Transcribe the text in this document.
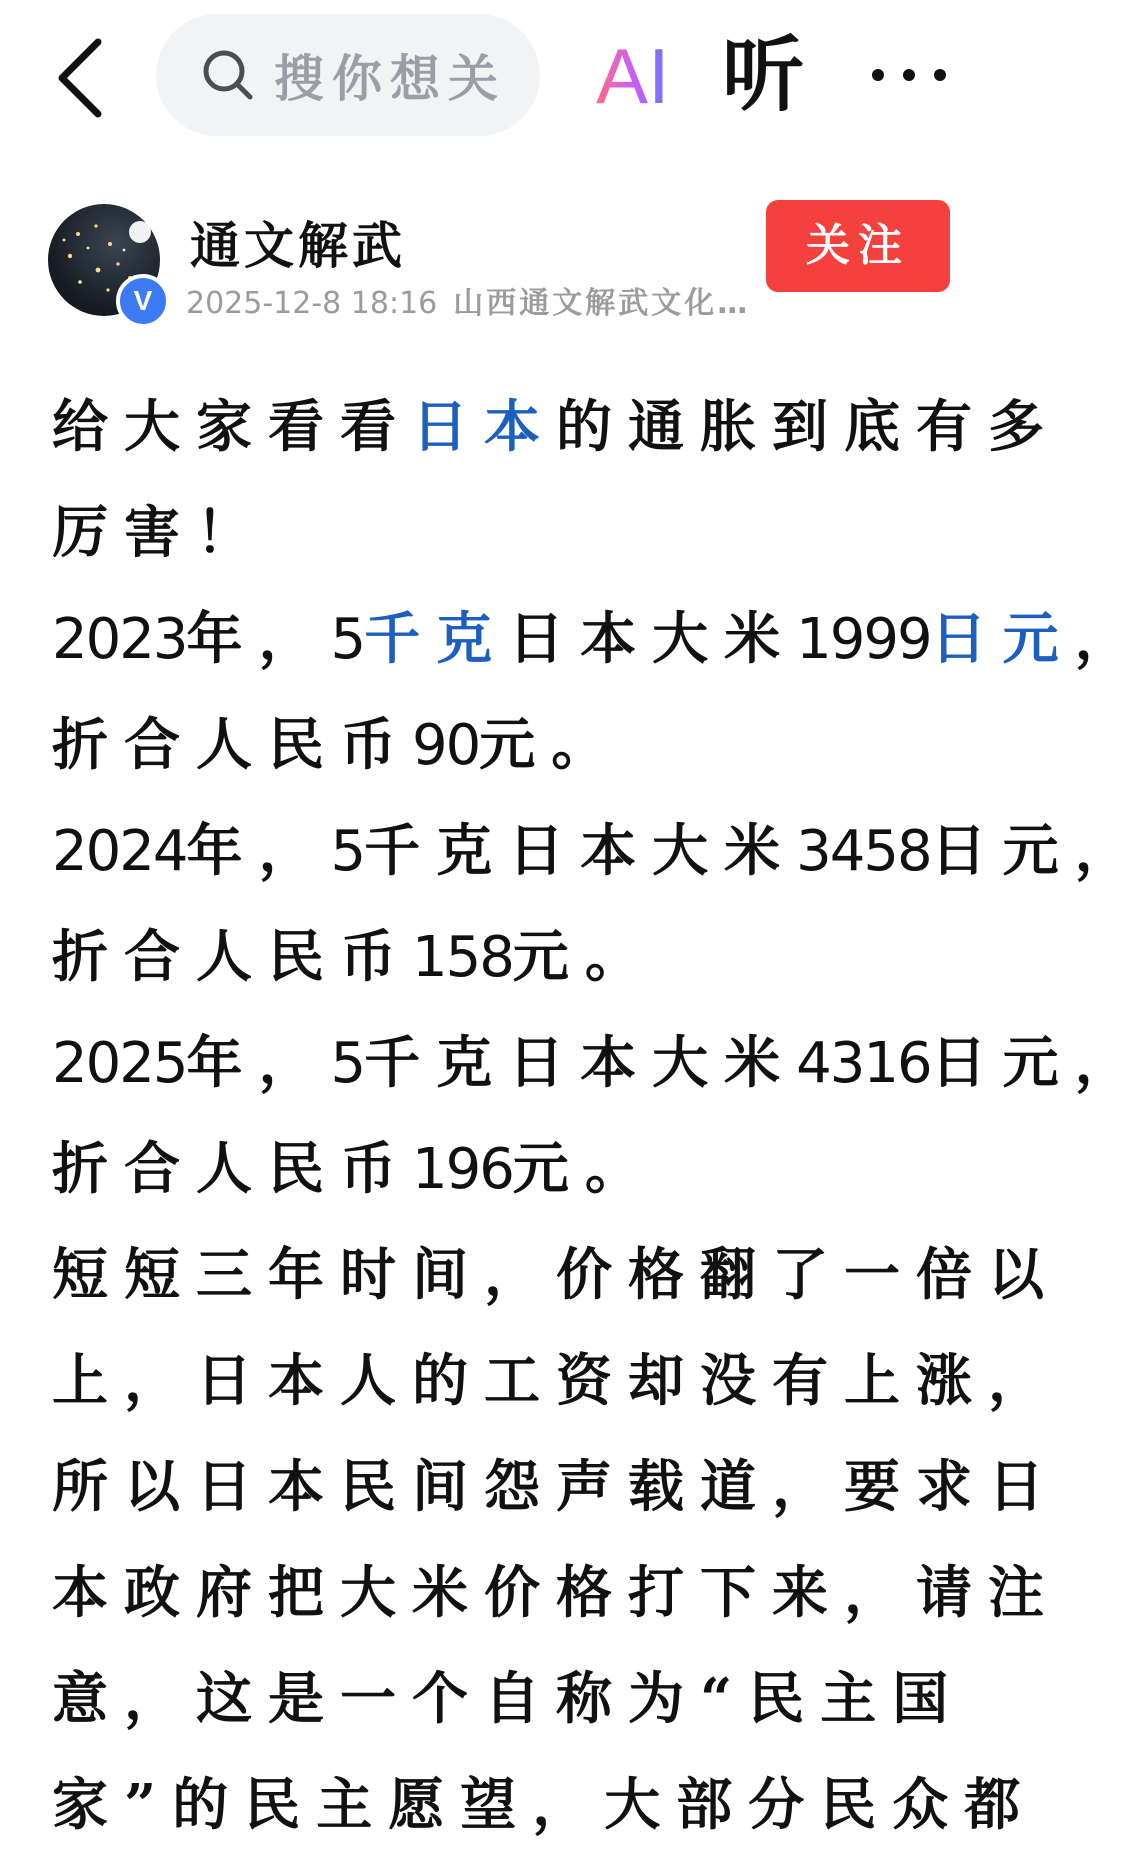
搜你想关 AI 听
V
通文解武
2025-12-8 18:16 山西通文解武文化…
关注

给大家看看日本的通胀到底有多

厉害！

2023年，5千克日本大米1999日元，

折合人民币90元。

2024年，5千克日本大米3458日元，

折合人民币158元。

2025年，5千克日本大米4316日元，

折合人民币196元。

短短三年时间，价格翻了一倍以

上，日本人的工资却没有上涨，

所以日本民间怨声载道，要求日

本政府把大米价格打下来，请注

意，这是一个自称为“民主国

家”的民主愿望，大部分民众都
